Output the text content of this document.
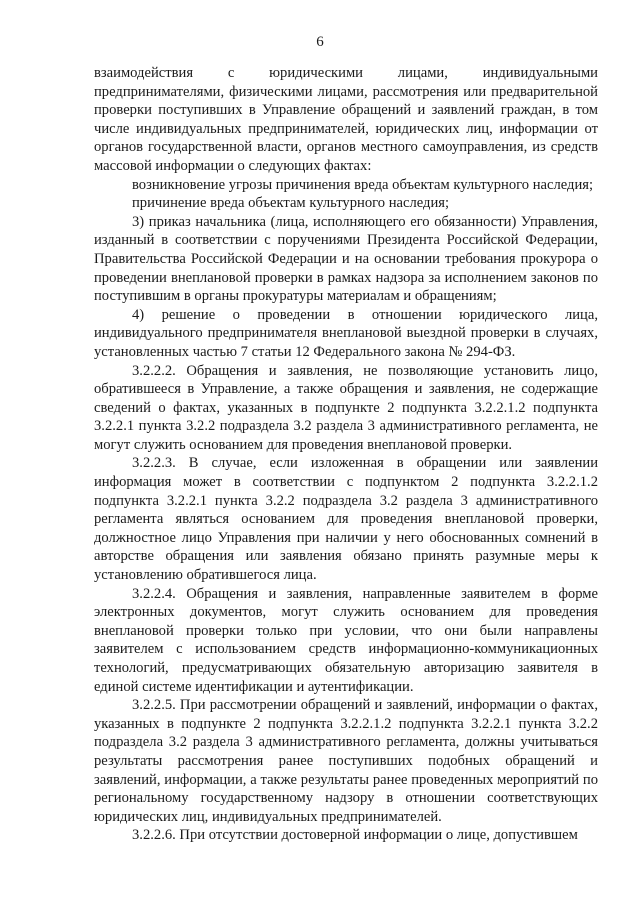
6

взаимодействия с юридическими лицами, индивидуальными предпринимателями, физическими лицами, рассмотрения или предварительной проверки поступивших в Управление обращений и заявлений граждан, в том числе индивидуальных предпринимателей, юридических лиц, информации от органов государственной власти, органов местного самоуправления, из средств массовой информации о следующих фактах:

возникновение угрозы причинения вреда объектам культурного наследия;

причинение вреда объектам культурного наследия;

3) приказ начальника (лица, исполняющего его обязанности) Управления, изданный в соответствии с поручениями Президента Российской Федерации, Правительства Российской Федерации и на основании требования прокурора о проведении внеплановой проверки в рамках надзора за исполнением законов по поступившим в органы прокуратуры материалам и обращениям;

4) решение о проведении в отношении юридического лица, индивидуального предпринимателя внеплановой выездной проверки в случаях, установленных частью 7 статьи 12 Федерального закона № 294-ФЗ.

3.2.2.2. Обращения и заявления, не позволяющие установить лицо, обратившееся в Управление, а также обращения и заявления, не содержащие сведений о фактах, указанных в подпункте 2 подпункта 3.2.2.1.2 подпункта 3.2.2.1 пункта 3.2.2 подраздела 3.2 раздела 3 административного регламента, не могут служить основанием для проведения внеплановой проверки.

3.2.2.3. В случае, если изложенная в обращении или заявлении информация может в соответствии с подпунктом 2 подпункта 3.2.2.1.2 подпункта 3.2.2.1 пункта 3.2.2 подраздела 3.2 раздела 3 административного регламента являться основанием для проведения внеплановой проверки, должностное лицо Управления при наличии у него обоснованных сомнений в авторстве обращения или заявления обязано принять разумные меры к установлению обратившегося лица.

3.2.2.4. Обращения и заявления, направленные заявителем в форме электронных документов, могут служить основанием для проведения внеплановой проверки только при условии, что они были направлены заявителем с использованием средств информационно-коммуникационных технологий, предусматривающих обязательную авторизацию заявителя в единой системе идентификации и аутентификации.

3.2.2.5. При рассмотрении обращений и заявлений, информации о фактах, указанных в подпункте 2 подпункта 3.2.2.1.2 подпункта 3.2.2.1 пункта 3.2.2 подраздела 3.2 раздела 3 административного регламента, должны учитываться результаты рассмотрения ранее поступивших подобных обращений и заявлений, информации, а также результаты ранее проведенных мероприятий по региональному государственному надзору в отношении соответствующих юридических лиц, индивидуальных предпринимателей.

3.2.2.6. При отсутствии достоверной информации о лице, допустившем
